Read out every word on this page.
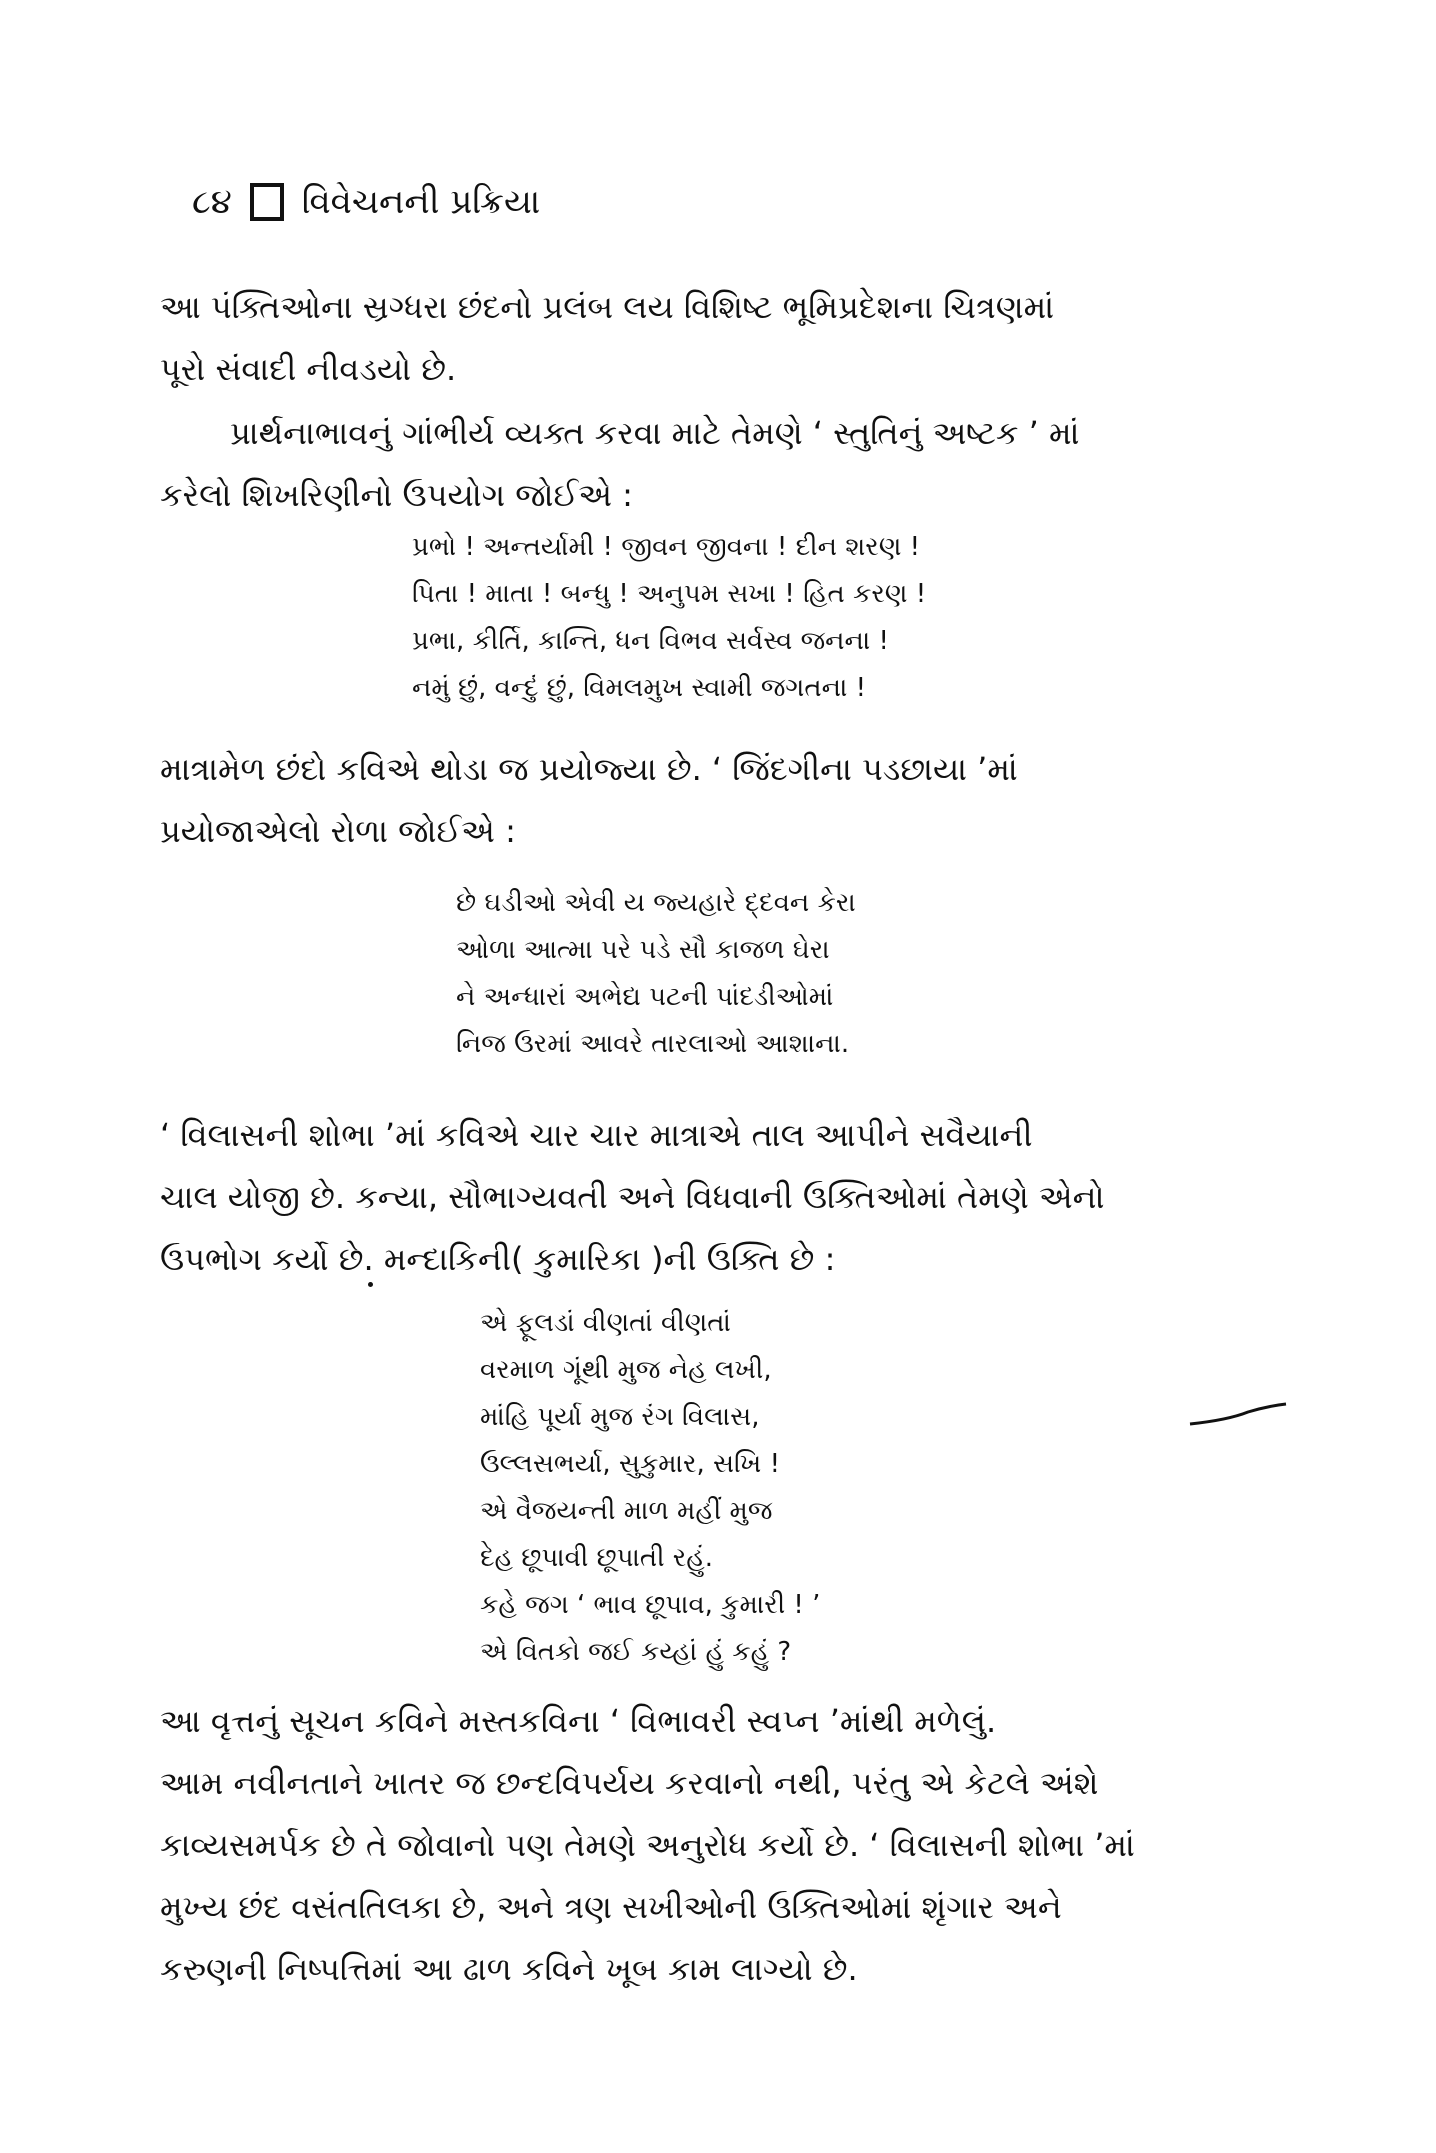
૮૪ વિવેચનની પ્રક્રિયા
આ પંક્તિઓના સ્રગ્ધરા છંદનો પ્રલંબ લય વિશિષ્ટ ભૂમિપ્રદેશના ચિત્રણમાં
પૂરો સંવાદી નીવડયો છે.
પ્રાર્થનાભાવનું ગાંભીર્ય વ્યક્ત કરવા માટે તેમણે ‘ સ્તુતિનું અષ્ટક ’ માં
કરેલો શિખરિણીનો ઉપયોગ જોઈએ :
પ્રભો ! અન્તર્યામી ! જીવન જીવના ! દીન શરણ !
પિતા ! માતા ! બન્ધુ ! અનુપમ સખા ! હિત કરણ !
પ્રભા, કીર્તિ, કાન્તિ, ધન વિભવ સર્વસ્વ જનના !
નમું છું, વન્દું છું, વિમલમુખ સ્વામી જગતના !
માત્રામેળ છંદો કવિએ થોડા જ પ્રયોજ્યા છે. ‘ જિંદગીના પડછાયા ’માં
પ્રયોજાએલો રોળા જોઈએ :
છે ઘડીઓ એવી ય જ્યહારે દ્દવન કેરા
ઓળા આત્મા પરે પડે સૌ કાજળ ઘેરા
ને અન્ધારાં અભેદ્ય પટની પાંદડીઓમાં
નિજ ઉરમાં આવરે તારલાઓ આશાના.
‘ વિલાસની શોભા ’માં કવિએ ચાર ચાર માત્રાએ તાલ આપીને સવૈયાની
ચાલ યોજી છે. કન્યા, સૌભાગ્યવતી અને વિધવાની ઉક્તિઓમાં તેમણે એનો
ઉપભોગ કર્યો છે. મન્દાકિની( કુમારિકા )ની ઉક્તિ છે :
એ ફૂલડાં વીણતાં વીણતાં
વરમાળ ગૂંથી મુજ નેહ લખી,
માંહિ પૂર્યા મુજ રંગ વિલાસ,
ઉલ્લસભર્યા, સુકુમાર, સખિ !
એ વૈજયન્તી માળ મહીં મુજ
દેહ છૂપાવી છૂપાતી રહું.
કહે જગ ‘ ભાવ છૂપાવ, કુમારી ! ’
એ વિતકો જઈ કય્હાં હું કહું ?
આ વૃત્તનું સૂચન કવિને મસ્તકવિના ‘ વિભાવરી સ્વપ્ન ’માંથી મળેલું.
આમ નવીનતાને ખાતર જ છન્દવિપર્યય કરવાનો નથી, પરંતુ એ કેટલે અંશે
કાવ્યસમર્પક છે તે જોવાનો પણ તેમણે અનુરોધ કર્યો છે. ‘ વિલાસની શોભા ’માં
મુખ્ય છંદ વસંતતિલકા છે, અને ત્રણ સખીઓની ઉક્તિઓમાં શૃંગાર અને
કરુણની નિષ્પત્તિમાં આ ઢાળ કવિને ખૂબ કામ લાગ્યો છે.
